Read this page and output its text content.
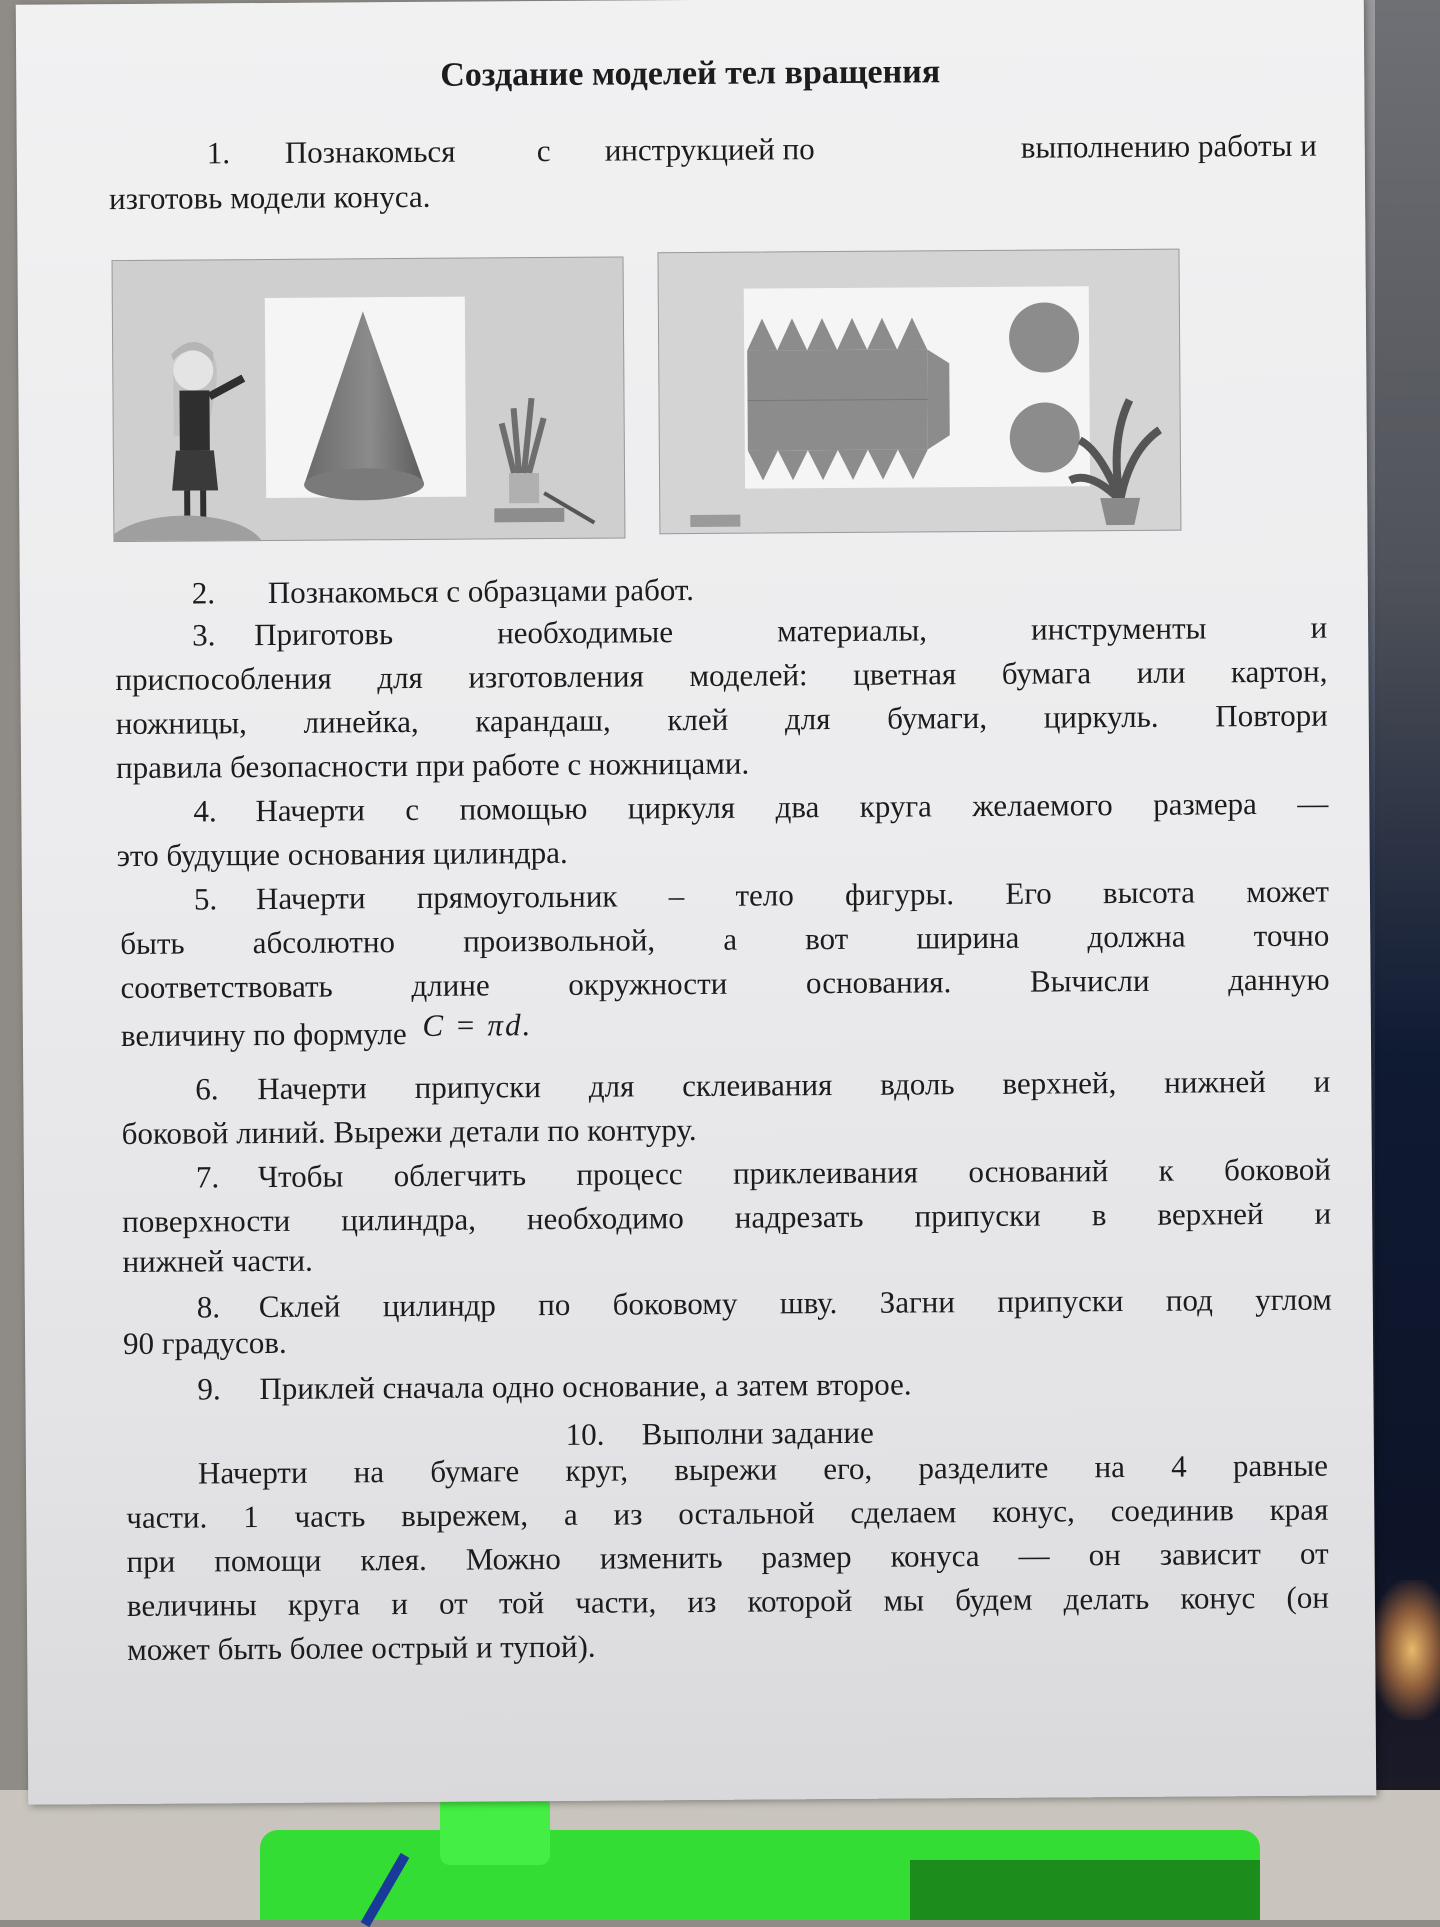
Создание моделей тел вращения
1.	Познакомься	с	инструкцией по	выполнению работы и
изготовь модели конуса.
2. Познакомься с образцами работ.
3. Приготовь необходимые материалы, инструменты и
приспособления для изготовления моделей: цветная бумага или картон,
ножницы, линейка, карандаш, клей для бумаги, циркуль. Повтори
правила безопасности при работе с ножницами.
4. Начерти с помощью циркуля два круга желаемого размера —
это будущие основания цилиндра.
5. Начерти прямоугольник – тело фигуры. Его высота может
быть абсолютно произвольной, а вот ширина должна точно
соответствовать длине окружности основания. Вычисли данную
величину по формуле C = πd.
6. Начерти припуски для склеивания вдоль верхней, нижней и
боковой линий. Вырежи детали по контуру.
7. Чтобы облегчить процесс приклеивания оснований к боковой
поверхности цилиндра, необходимо надрезать припуски в верхней и
нижней части.
8. Склей цилиндр по боковому шву. Загни припуски под углом
90 градусов.
9. Приклей сначала одно основание, а затем второе.
10. Выполни задание
Начерти на бумаге круг, вырежи его, разделите на 4 равные
части. 1 часть вырежем, а из остальной сделаем конус, соединив края
при помощи клея. Можно изменить размер конуса — он зависит от
величины круга и от той части, из которой мы будем делать конус (он
может быть более острый и тупой).
